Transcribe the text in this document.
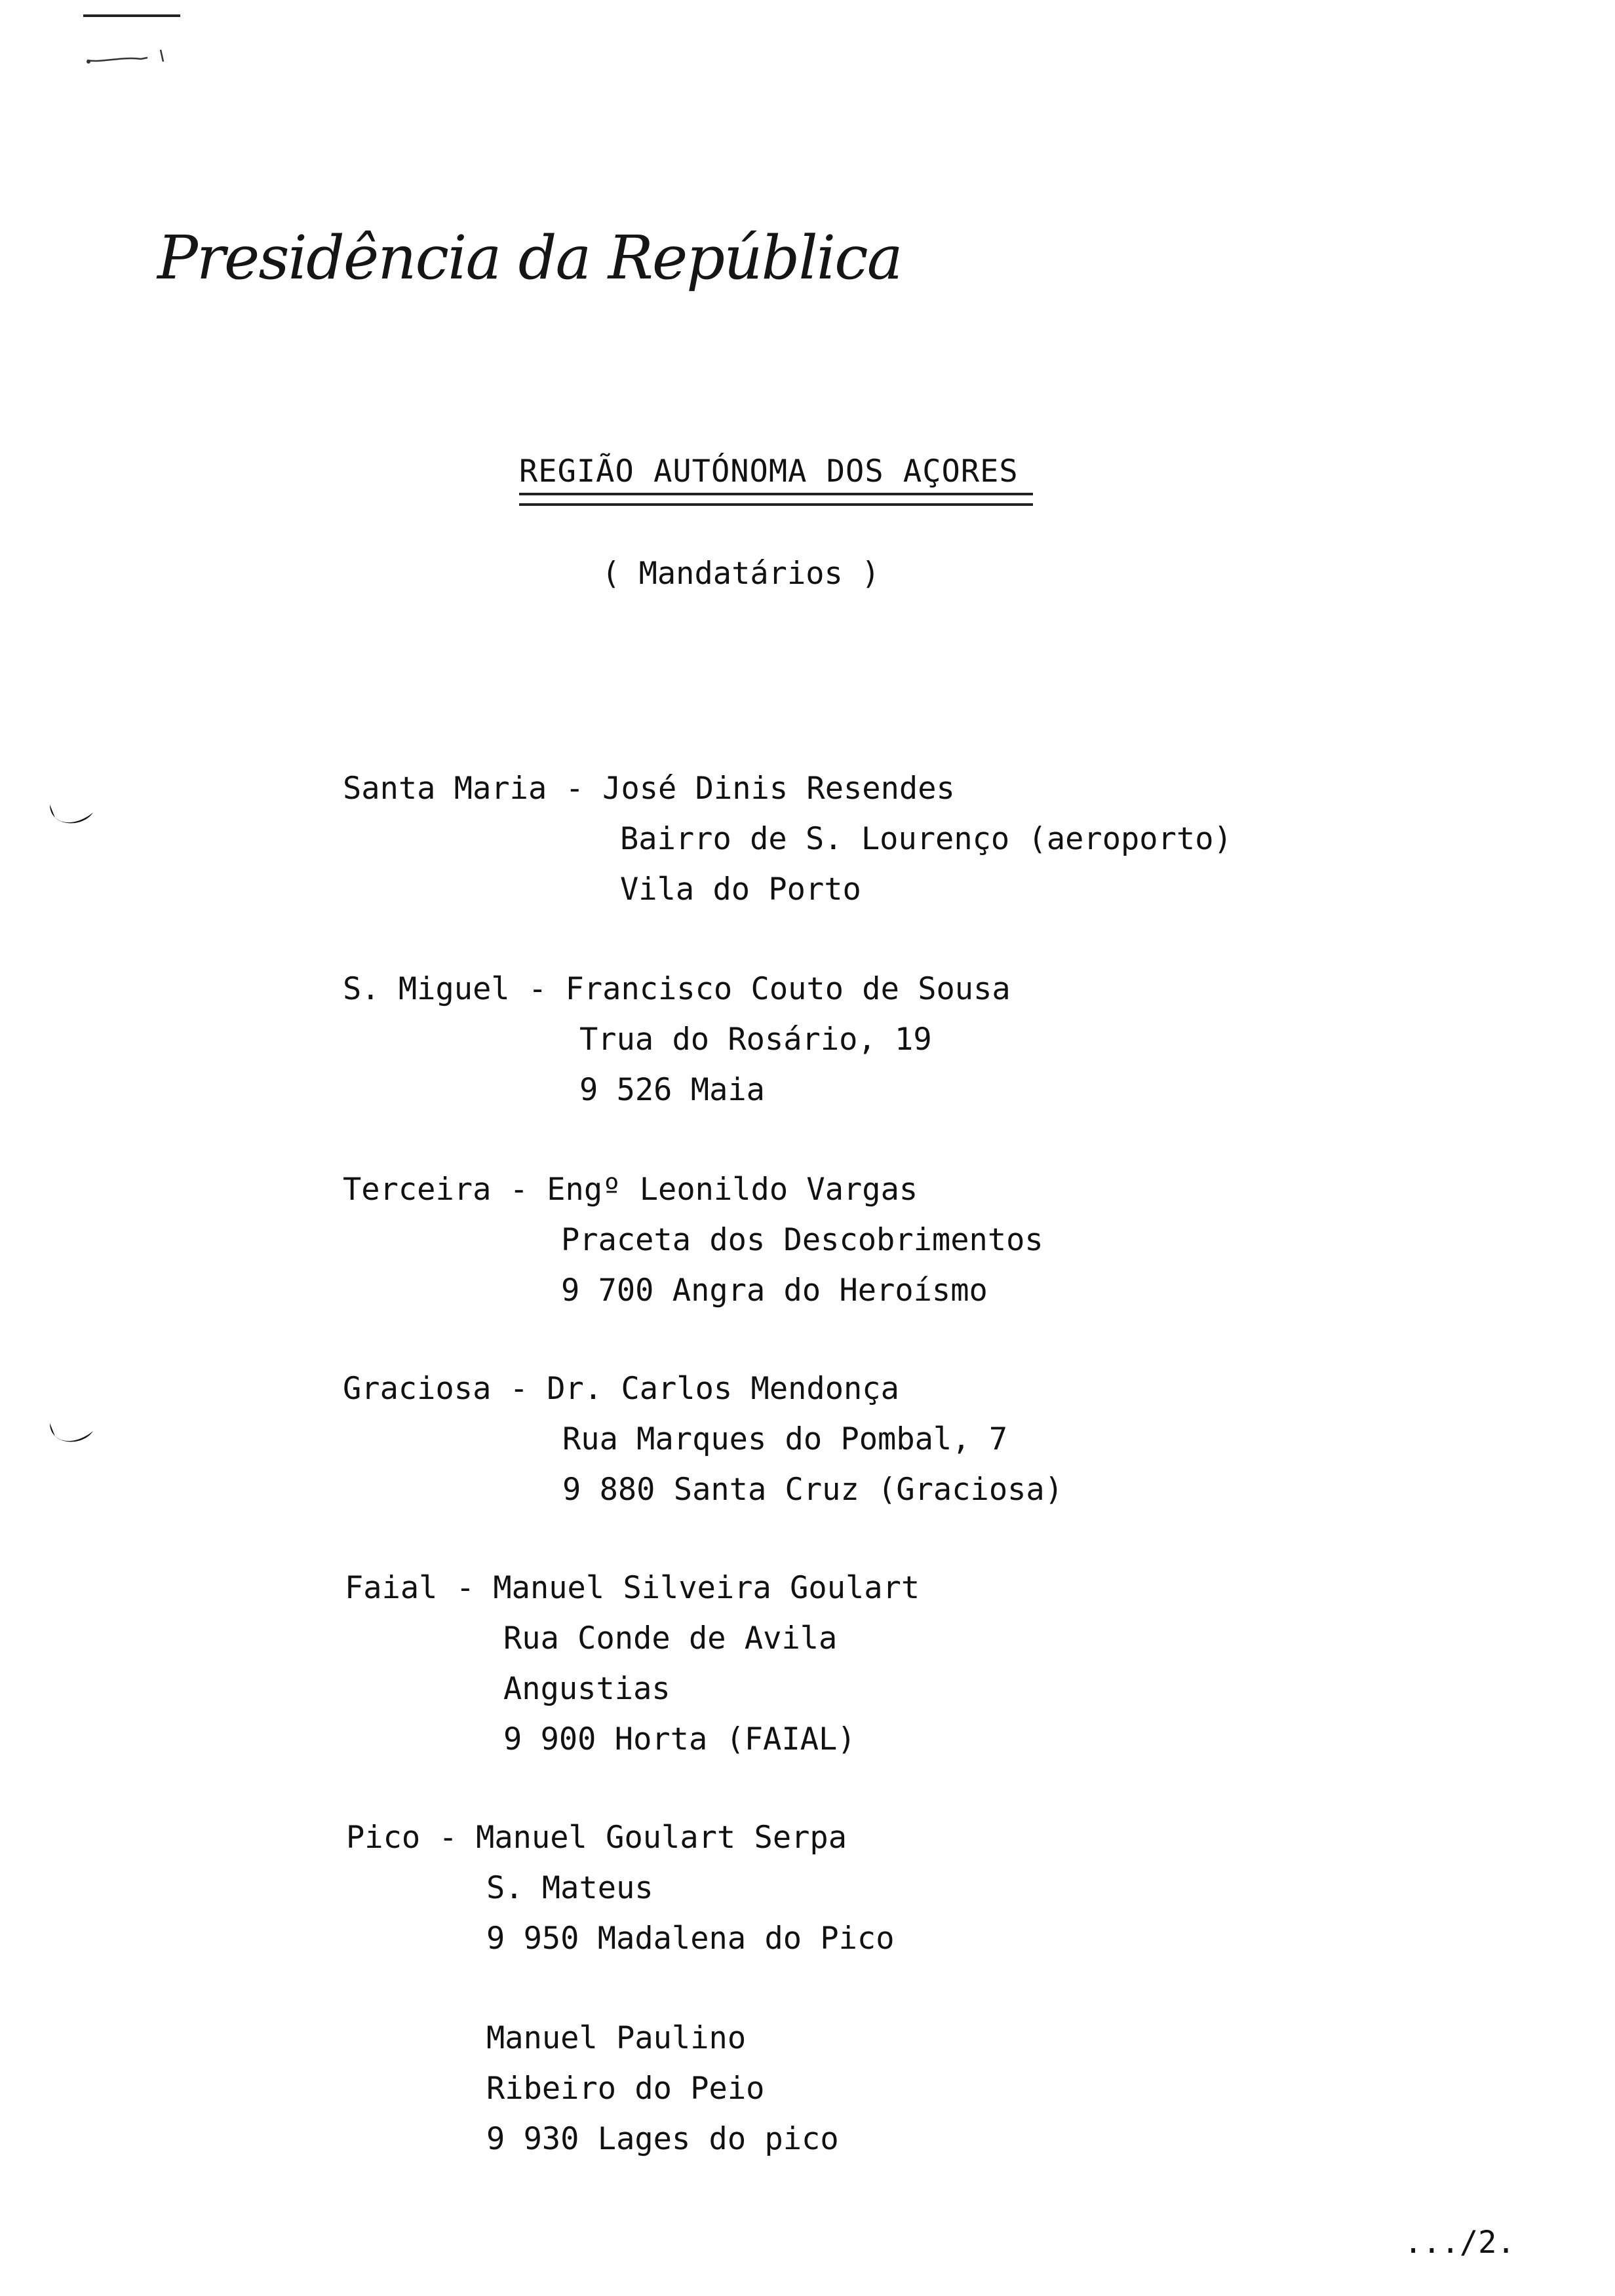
Presidência da República
REGIÃO AUTÓNOMA DOS AÇORES
( Mandatários )
Santa Maria - José Dinis Resendes
Bairro de S. Lourenço (aeroporto)
Vila do Porto
S. Miguel - Francisco Couto de Sousa
Trua do Rosário, 19
9 526 Maia
Terceira - Engº Leonildo Vargas
Praceta dos Descobrimentos
9 700 Angra do Heroísmo
Graciosa - Dr. Carlos Mendonça
Rua Marques do Pombal, 7
9 880 Santa Cruz (Graciosa)
Faial - Manuel Silveira Goulart
Rua Conde de Avila
Angustias
9 900 Horta (FAIAL)
Pico - Manuel Goulart Serpa
S. Mateus
9 950 Madalena do Pico
Manuel Paulino
Ribeiro do Peio
9 930 Lages do pico
.../2.
